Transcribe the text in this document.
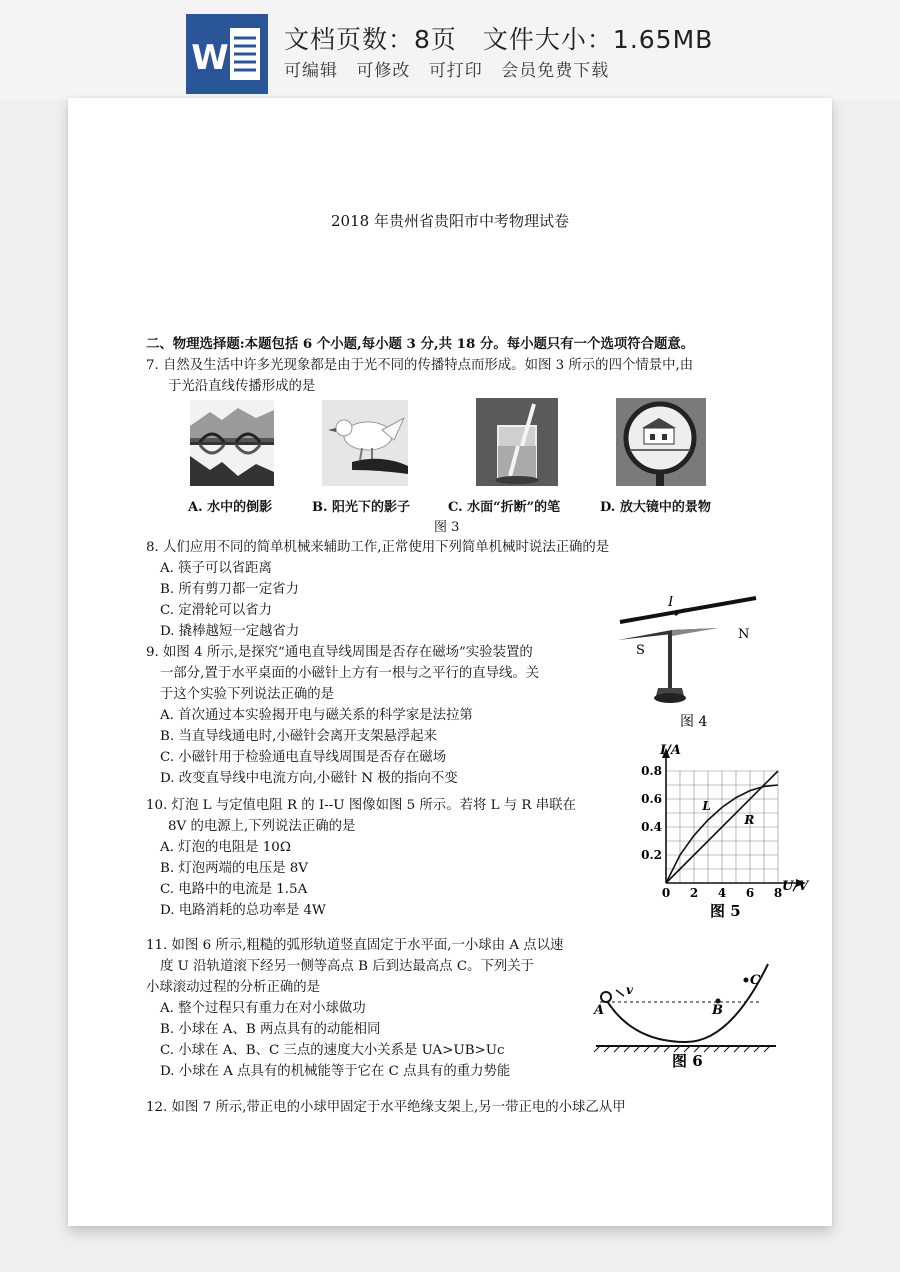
W 文档页数：8页 文件大小：1.65MB
可编辑 可修改 可打印 会员免费下载
2018 年贵州省贵阳市中考物理试卷
二、物理选择题:本题包括 6 个小题,每小题 3 分,共 18 分。每小题只有一个选项符合题意。
7. 自然及生活中许多光现象都是由于光不同的传播特点而形成。如图 3 所示的四个情景中,由
于光沿直线传播形成的是
A. 水中的倒影	B. 阳光下的影子	C. 水面“折断”的笔	D. 放大镜中的景物
图 3
8. 人们应用不同的简单机械来辅助工作,正常使用下列简单机械时说法正确的是
A. 筷子可以省距离
B. 所有剪刀都一定省力
C. 定滑轮可以省力
D. 撬棒越短一定越省力
I
S
N
图 4
9. 如图 4 所示,是探究“通电直导线周围是否存在磁场”实验装置的
一部分,置于水平桌面的小磁针上方有一根与之平行的直导线。关
于这个实验下列说法正确的是
A. 首次通过本实验揭开电与磁关系的科学家是法拉第
B. 当直导线通电时,小磁针会离开支架悬浮起来
C. 小磁针用于检验通电直导线周围是否存在磁场
D. 改变直导线中电流方向,小磁针 N 极的指向不变
10. 灯泡 L 与定值电阻 R 的 I--U 图像如图 5 所示。若将 L 与 R 串联在
8V 的电源上,下列说法正确的是
A. 灯泡的电阻是 10Ω
B. 灯泡两端的电压是 8V
C. 电路中的电流是 1.5A
D. 电路消耗的总功率是 4W
0 2 4 6 8
0.2
0.4
0.6
0.8
L
R
I/A
U/V
图 5
11. 如图 6 所示,粗糙的弧形轨道竖直固定于水平面,一小球由 A 点以速
度 U 沿轨道滚下经另一侧等高点 B 后到达最高点 C。下列关于
小球滚动过程的分析正确的是
A. 整个过程只有重力在对小球做功
B. 小球在 A、B 两点具有的动能相同
C. 小球在 A、B、C 三点的速度大小关系是 UA>UB>Uc
D. 小球在 A 点具有的机械能等于它在 C 点具有的重力势能
v
A	B
C
图 6
12. 如图 7 所示,带正电的小球甲固定于水平绝缘支架上,另一带正电的小球乙从甲
